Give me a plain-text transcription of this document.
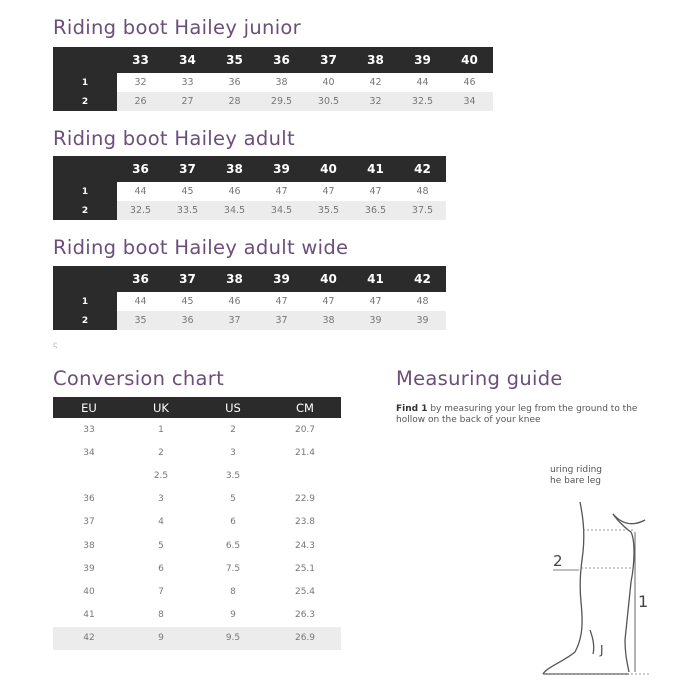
Riding boot Hailey junior
	33	34	35	36	37	38	39	40
1	32	33	36	38	40	42	44	46
2	26	27	28	29.5	30.5	32	32.5	34
Riding boot Hailey adult
	36	37	38	39	40	41	42
1	44	45	46	47	47	47	48
2	32.5	33.5	34.5	34.5	35.5	36.5	37.5
Riding boot Hailey adult wide
	36	37	38	39	40	41	42
1	44	45	46	47	47	47	48
2	35	36	37	37	38	39	39
ς
Conversion chart
EU	UK	US	CM
33	1	2	20.7
34	2	3	21.4
	2.5	3.5	
36	3	5	22.9
37	4	6	23.8
38	5	6.5	24.3
39	6	7.5	25.1
40	7	8	25.4
41	8	9	26.3
42	9	9.5	26.9
Measuring guide
Find 1 by measuring your leg from the ground to the hollow on the back of your knee
uring riding
he bare leg
1
2
J
